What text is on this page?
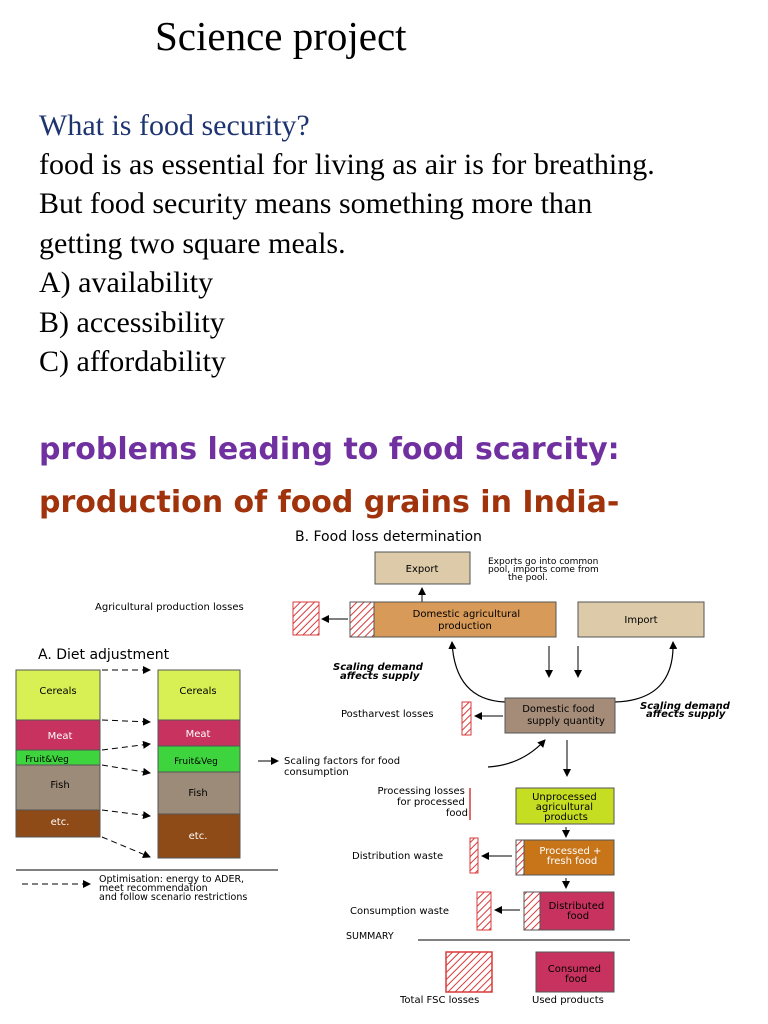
Science project

What is food security?

food is as essential for living as air is for breathing.
But food security means something more than
getting two square meals.
A) availability
B) accessibility
C) affordability
problems leading to food scarcity:
production of food grains in India-
B. Food loss determination
Export
Exports go into common pool, imports come from the pool.
Agricultural production losses
Domestic agricultural production
Import
Scaling demand affects supply
Scaling demand affects supply
Postharvest losses	Domestic food supply quantity
A. Diet adjustment
Cereals
Meat
Fruit&Veg
Fish
etc.
Cereals
Meat
Fruit&Veg
Fish
etc.
Scaling factors for food consumption
Optimisation: energy to ADER, meet recommendation and follow scenario restrictions
Processing losses for processed food
Unprocessed agricultural products
Distribution waste	Processed + fresh food
Consumption waste	Distributed food
SUMMARY
Consumed food
Total FSC losses	Used products
